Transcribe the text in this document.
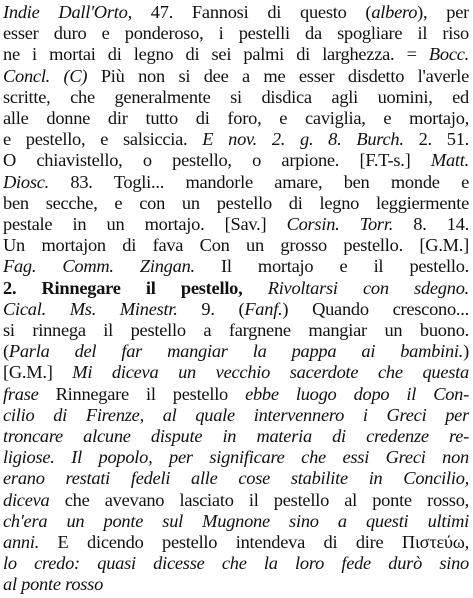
Indie Dall'Orto, 47. Fannosi di questo (albero), per
esser duro e ponderoso, i pestelli da spogliare il riso
ne i mortai di legno di sei palmi di larghezza. = Bocc.
Concl. (C) Più non si dee a me esser disdetto l'averle
scritte, che generalmente si disdica agli uomini, ed
alle donne dir tutto di foro, e caviglia, e mortajo,
e pestello, e salsiccia. E nov. 2. g. 8. Burch. 2. 51.
O chiavistello, o pestello, o arpione. [F.T-s.] Matt.
Diosc. 83. Togli... mandorle amare, ben monde e
ben secche, e con un pestello di legno leggiermente
pestale in un mortajo. [Sav.] Corsin. Torr. 8. 14.
Un mortajon di fava Con un grosso pestello. [G.M.]
Fag. Comm. Zingan. Il mortajo e il pestello.
2. Rinnegare il pestello, Rivoltarsi con sdegno.
Cical. Ms. Minestr. 9. (Fanf.) Quando crescono...
si rinnega il pestello a fargnene mangiar un buono.
(Parla del far mangiar la pappa ai bambini.)
[G.M.] Mi diceva un vecchio sacerdote che questa
frase Rinnegare il pestello ebbe luogo dopo il Con-
cilio di Firenze, al quale intervennero i Greci per
troncare alcune dispute in materia di credenze re-
ligiose. Il popolo, per significare che essi Greci non
erano restati fedeli alle cose stabilite in Concilio,
diceva che avevano lasciato il pestello al ponte rosso,
ch'era un ponte sul Mugnone sino a questi ultimi
anni. E dicendo pestello intendeva di dire Πιστεύω,
lo credo: quasi dicesse che la loro fede durò sino
al ponte rosso
